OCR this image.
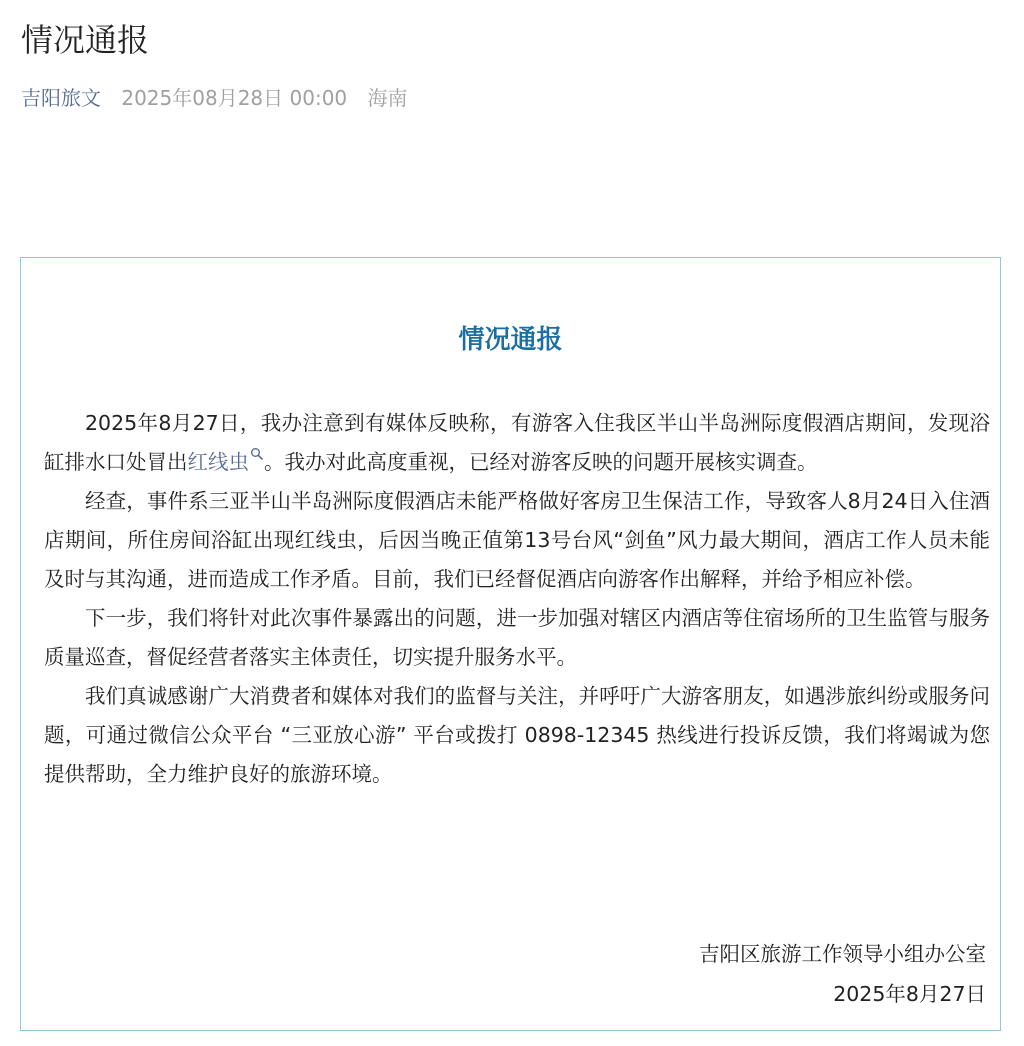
情况通报
吉阳旅文 2025年08月28日 00:00 海南
情况通报

2025年8月27日，我办注意到有媒体反映称，有游客入住我区半山半岛洲际度假酒店期间，发现浴缸排水口处冒出红线虫 。我办对此高度重视，已经对游客反映的问题开展核实调查。

经查，事件系三亚半山半岛洲际度假酒店未能严格做好客房卫生保洁工作，导致客人8月24日入住酒店期间，所住房间浴缸出现红线虫，后因当晚正值第13号台风“剑鱼”风力最大期间，酒店工作人员未能及时与其沟通，进而造成工作矛盾。目前，我们已经督促酒店向游客作出解释，并给予相应补偿。

下一步，我们将针对此次事件暴露出的问题，进一步加强对辖区内酒店等住宿场所的卫生监管与服务质量巡查，督促经营者落实主体责任，切实提升服务水平。

我们真诚感谢广大消费者和媒体对我们的监督与关注，并呼吁广大游客朋友，如遇涉旅纠纷或服务问题，可通过微信公众平台 “三亚放心游” 平台或拨打 0898-12345 热线进行投诉反馈，我们将竭诚为您提供帮助，全力维护良好的旅游环境。

吉阳区旅游工作领导小组办公室
2025年8月27日
